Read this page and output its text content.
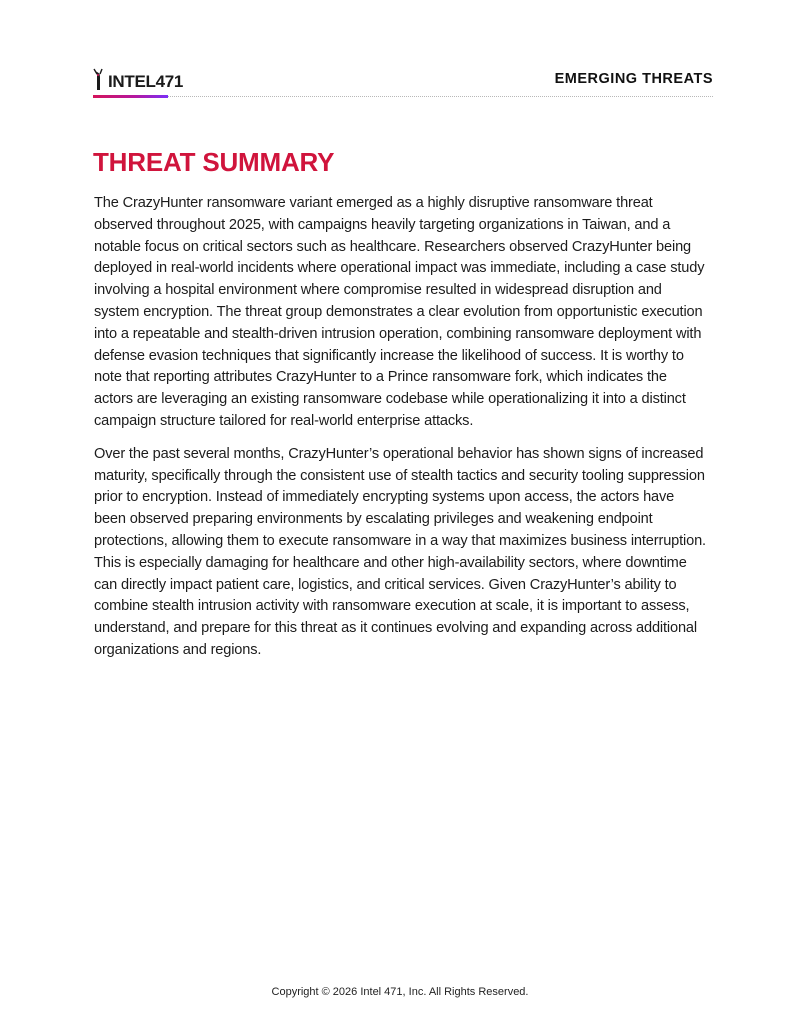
INTEL471	EMERGING THREATS
THREAT SUMMARY

The CrazyHunter ransomware variant emerged as a highly disruptive ransomware threat observed throughout 2025, with campaigns heavily targeting organizations in Taiwan, and a notable focus on critical sectors such as healthcare. Researchers observed CrazyHunter being deployed in real-world incidents where operational impact was immediate, including a case study involving a hospital environment where compromise resulted in widespread disruption and system encryption. The threat group demonstrates a clear evolution from opportunistic execution into a repeatable and stealth-driven intrusion operation, combining ransomware deployment with defense evasion techniques that significantly increase the likelihood of success. It is worthy to note that reporting attributes CrazyHunter to a Prince ransomware fork, which indicates the actors are leveraging an existing ransomware codebase while operationalizing it into a distinct campaign structure tailored for real-world enterprise attacks.

Over the past several months, CrazyHunter’s operational behavior has shown signs of increased maturity, specifically through the consistent use of stealth tactics and security tooling suppression prior to encryption. Instead of immediately encrypting systems upon access, the actors have been observed preparing environments by escalating privileges and weakening endpoint protections, allowing them to execute ransomware in a way that maximizes business interruption. This is especially damaging for healthcare and other high-availability sectors, where downtime can directly impact patient care, logistics, and critical services. Given CrazyHunter’s ability to combine stealth intrusion activity with ransomware execution at scale, it is important to assess, understand, and prepare for this threat as it continues evolving and expanding across additional organizations and regions.

Copyright © 2026 Intel 471, Inc. All Rights Reserved.
